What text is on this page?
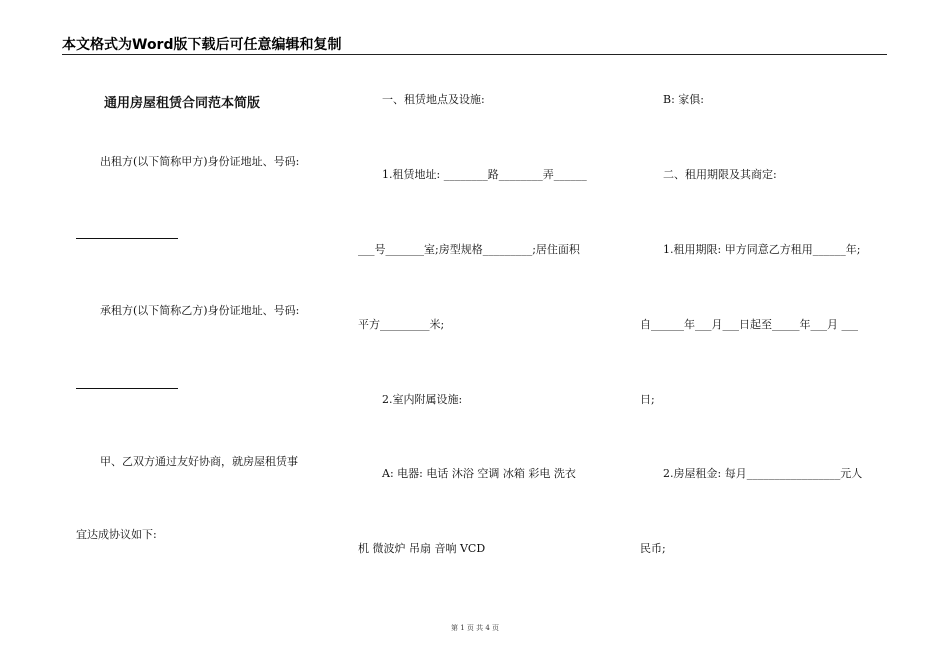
本文格式为Word版下载后可任意编辑和复制
通用房屋租赁合同范本简版
出租方(以下简称甲方)身份证地址、号码:
承租方(以下简称乙方)身份证地址、号码:
甲、乙双方通过友好协商，就房屋租赁事
宜达成协议如下:
一、租赁地点及设施:
1.租赁地址: ________路________弄______
___号_______室;房型规格_________;居住面积
平方_________米;
2.室内附属设施:
A: 电器: 电话 沐浴 空调 冰箱 彩电 洗衣
机 微波炉 吊扇 音响 VCD
B: 家俱:
二、租用期限及其商定:
1.租用期限: 甲方同意乙方租用______年;
自______年___月___日起至_____年___月 ___
日;
2.房屋租金: 每月_________________元人
民币;
第 1 页 共 4 页
